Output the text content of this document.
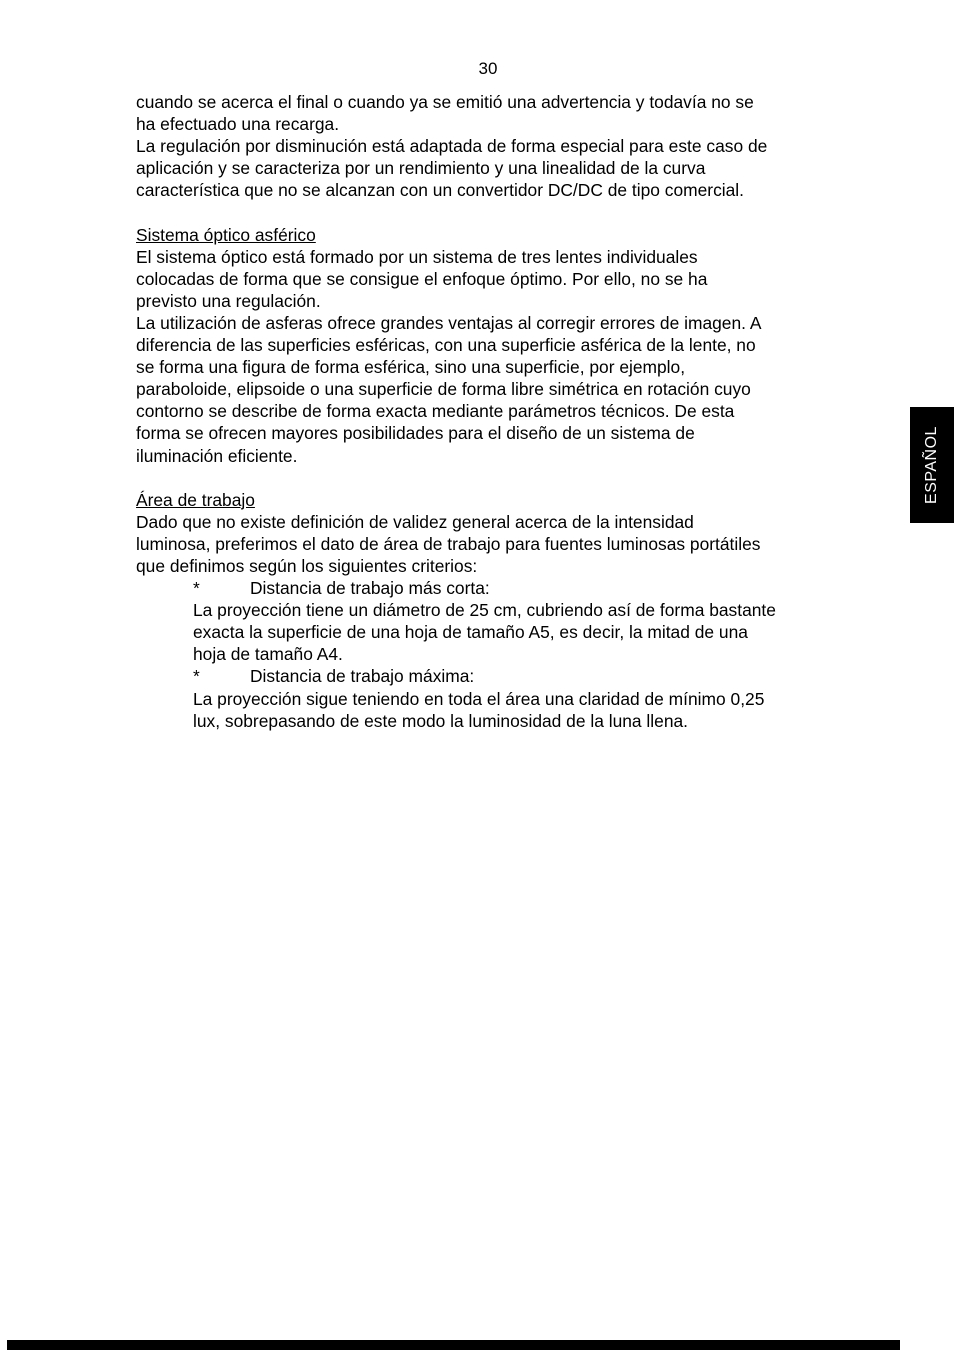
30

cuando se acerca el final o cuando ya se emitió una advertencia y todavía no se

ha efectuado una recarga.

La regulación por disminución está adaptada de forma especial para este caso de

aplicación y se caracteriza por un rendimiento y una linealidad de la curva

característica que no se alcanzan con un convertidor DC/DC de tipo comercial.

Sistema óptico asférico

El sistema óptico está formado por un sistema de tres lentes individuales

colocadas de forma que se consigue el enfoque óptimo. Por ello, no se ha

previsto una regulación.

La utilización de asferas ofrece grandes ventajas al corregir errores de imagen. A

diferencia de las superficies esféricas, con una superficie asférica de la lente, no

se forma una figura de forma esférica, sino una superficie, por ejemplo,

paraboloide, elipsoide o una superficie de forma libre simétrica en rotación cuyo

contorno se describe de forma exacta mediante parámetros técnicos. De esta

forma se ofrecen mayores posibilidades para el diseño de un sistema de

iluminación eficiente.

Área de trabajo

Dado que no existe definición de validez general acerca de la intensidad

luminosa, preferimos el dato de área de trabajo para fuentes luminosas portátiles

que definimos según los siguientes criterios:

*	Distancia de trabajo más corta:

La proyección tiene un diámetro de 25 cm, cubriendo así de forma bastante

exacta la superficie de una hoja de tamaño A5, es decir, la mitad de una

hoja de tamaño A4.

*	Distancia de trabajo máxima:

La proyección sigue teniendo en toda el área una claridad de mínimo 0,25

lux, sobrepasando de este modo la luminosidad de la luna llena.

ESPAÑOL
